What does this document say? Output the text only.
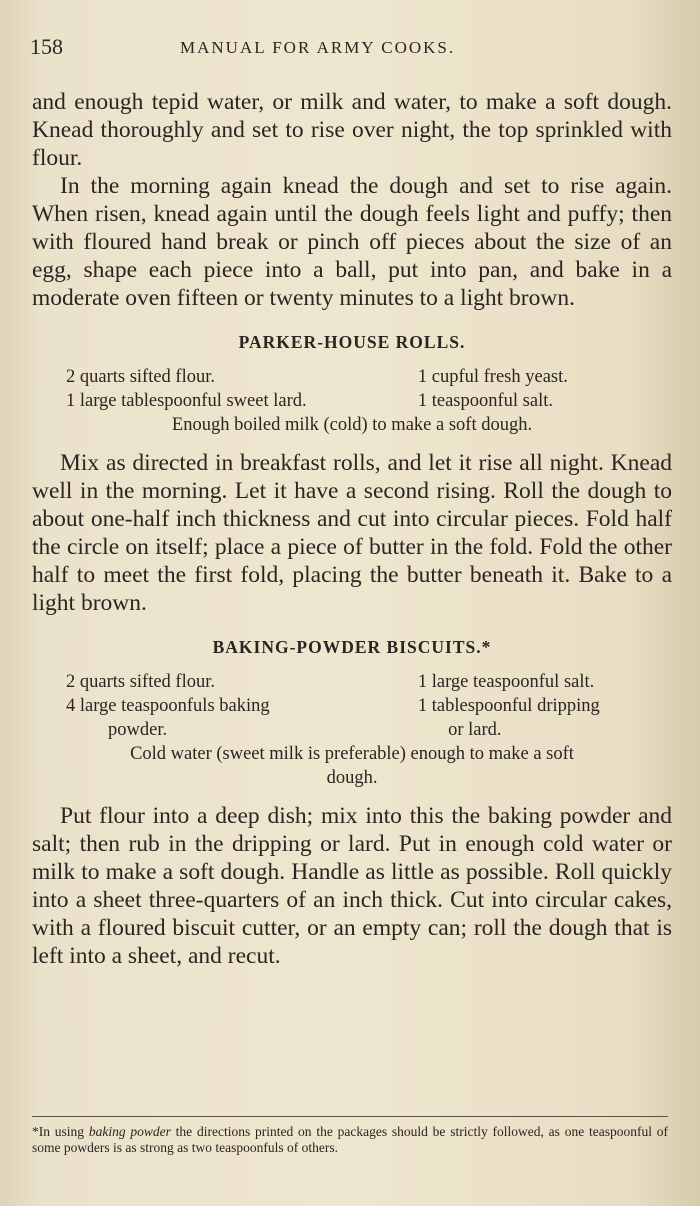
158	MANUAL FOR ARMY COOKS.

and enough tepid water, or milk and water, to make a soft dough. Knead thoroughly and set to rise over night, the top sprinkled with flour.

In the morning again knead the dough and set to rise again. When risen, knead again until the dough feels light and puffy; then with floured hand break or pinch off pieces about the size of an egg, shape each piece into a ball, put into pan, and bake in a moderate oven fifteen or twenty minutes to a light brown.

PARKER-HOUSE ROLLS.
2 quarts sifted flour.	1 cupful fresh yeast.
1 large tablespoonful sweet lard.	1 teaspoonful salt.
Enough boiled milk (cold) to make a soft dough.

Mix as directed in breakfast rolls, and let it rise all night. Knead well in the morning. Let it have a second rising. Roll the dough to about one-half inch thickness and cut into circular pieces. Fold half the circle on itself; place a piece of butter in the fold. Fold the other half to meet the first fold, placing the butter beneath it. Bake to a light brown.

BAKING-POWDER BISCUITS.*
2 quarts sifted flour.	1 large teaspoonful salt.
4 large teaspoonfuls baking	1 tablespoonful dripping
powder.	or lard.
Cold water (sweet milk is preferable) enough to make a soft
dough.

Put flour into a deep dish; mix into this the baking powder and salt; then rub in the dripping or lard. Put in enough cold water or milk to make a soft dough. Handle as little as possible. Roll quickly into a sheet three-quarters of an inch thick. Cut into circular cakes, with a floured biscuit cutter, or an empty can; roll the dough that is left into a sheet, and recut.

*In using baking powder the directions printed on the packages should be strictly followed, as one teaspoonful of some powders is as strong as two teaspoonfuls of others.
